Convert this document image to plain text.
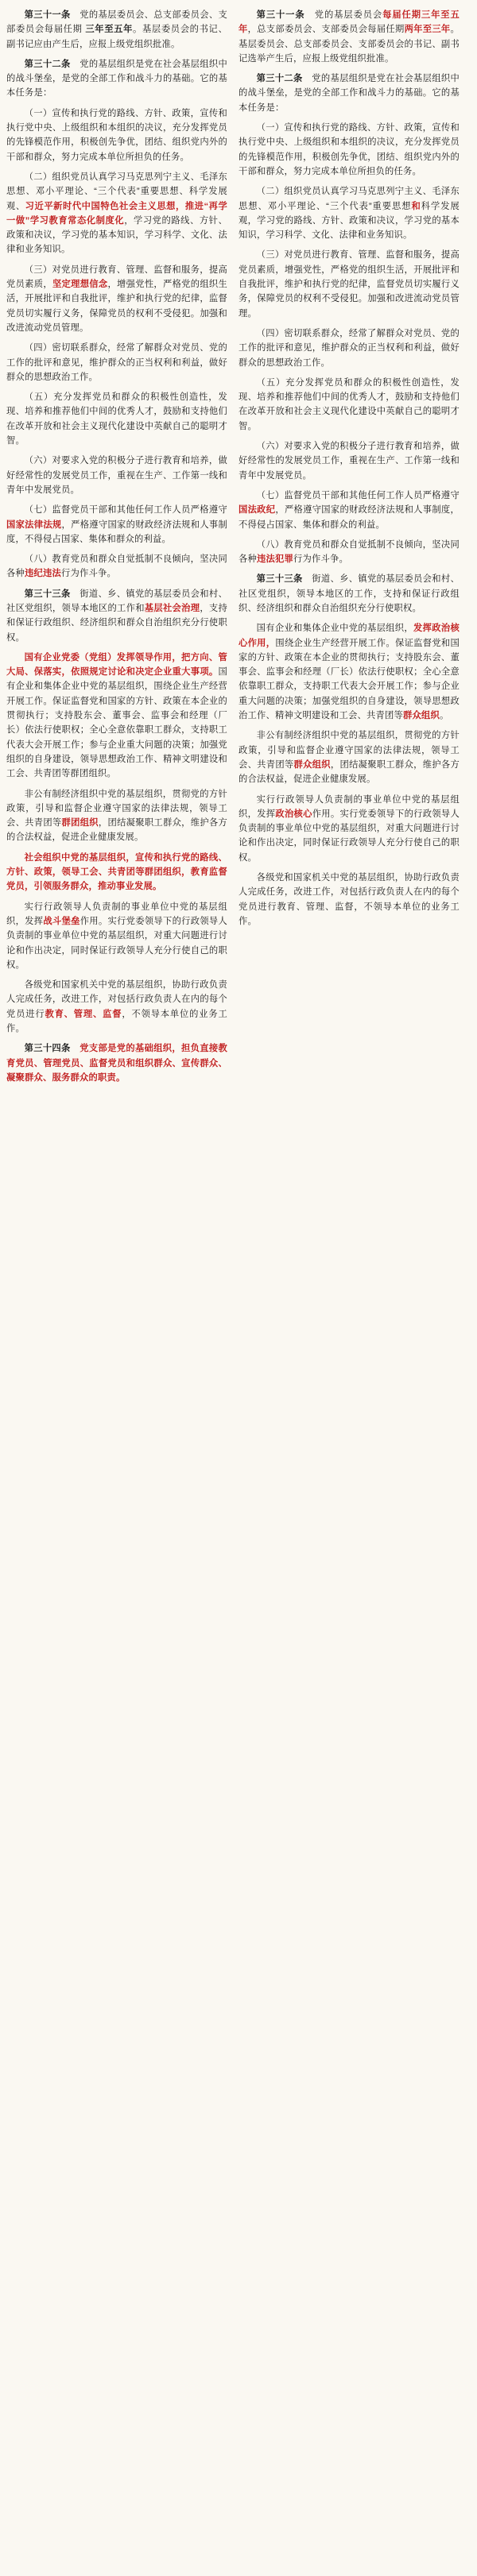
第三十一条　党的基层委员会、总支部委员会、支部委员会每届任期 三年至五年。基层委员会的书记、副书记应由产生后，应报上级党组织批准。

第三十二条　党的基层组织是党在社会基层组织中的战斗堡垒，是党的全部工作和战斗力的基础。它的基本任务是：

（一）宣传和执行党的路线、方针、政策，宣传和执行党中央、上级组织和本组织的决议，充分发挥党员的先锋模范作用，积极创先争优，团结、组织党内外的干部和群众，努力完成本单位所担负的任务。

（二）组织党员认真学习马克思列宁主义、毛泽东思想、邓小平理论、“三个代表”重要思想、科学发展观、习近平新时代中国特色社会主义思想，推进“再学一做”学习教育常态化制度化，学习党的路线、方针、政策和决议，学习党的基本知识，学习科学、文化、法律和业务知识。

（三）对党员进行教育、管理、监督和服务，提高党员素质，坚定理想信念，增强党性，严格党的组织生活，开展批评和自我批评，维护和执行党的纪律，监督党员切实履行义务，保障党员的权利不受侵犯。加强和改进流动党员管理。

（四）密切联系群众，经常了解群众对党员、党的工作的批评和意见，维护群众的正当权利和利益，做好群众的思想政治工作。

（五）充分发挥党员和群众的积极性创造性，发现、培养和推荐他们中间的优秀人才，鼓励和支持他们在改革开放和社会主义现代化建设中英献自己的聪明才智。

（六）对要求入党的积极分子进行教育和培养，做好经常性的发展党员工作，重视在生产、工作第一线和青年中发展党员。

（七）监督党员干部和其他任何工作人员严格遵守国家法律法规，严格遵守国家的财政经济法规和人事制度，不得侵占国家、集体和群众的利益。

（八）教育党员和群众自觉抵制不良倾向，坚决同各种违纪违法行为作斗争。

第三十三条　街道、乡、镇党的基层委员会和村、社区党组织，领导本地区的工作和基层社会治理，支持和保证行政组织、经济组织和群众自治组织充分行使职权。

国有企业党委（党组）发挥领导作用，把方向、管大局、保落实，依照规定讨论和决定企业重大事项。国有企业和集体企业中党的基层组织，围绕企业生产经营开展工作。保证监督党和国家的方针、政策在本企业的贯彻执行；支持股东会、董事会、监事会和经理（厂长）依法行使职权；全心全意依靠职工群众，支持职工代表大会开展工作；参与企业重大问题的决策；加强党组织的自身建设，领导思想政治工作、精神文明建设和工会、共青团等群团组织。

非公有制经济组织中党的基层组织，贯彻党的方针政策，引导和监督企业遵守国家的法律法规，领导工会、共青团等群团组织，团结凝聚职工群众，维护各方的合法权益，促进企业健康发展。

社会组织中党的基层组织，宣传和执行党的路线、方针、政策，领导工会、共青团等群团组织，教育监督党员，引领服务群众，推动事业发展。

实行行政领导人负责制的事业单位中党的基层组织，发挥战斗堡垒作用。实行党委领导下的行政领导人负责制的事业单位中党的基层组织，对重大问题进行讨论和作出决定，同时保证行政领导人充分行使自己的职权。

各级党和国家机关中党的基层组织，协助行政负责人完成任务，改进工作，对包括行政负责人在内的每个党员进行教育、管理、监督，不领导本单位的业务工作。

第三十四条　党支部是党的基础组织，担负直接教育党员、管理党员、监督党员和组织群众、宣传群众、凝聚群众、服务群众的职责。

第三十一条　党的基层委员会每届任期三年至五年，总支部委员会、支部委员会每届任期两年至三年。基层委员会、总支部委员会、支部委员会的书记、副书记选举产生后，应报上级党组织批准。

第三十二条　党的基层组织是党在社会基层组织中的战斗堡垒，是党的全部工作和战斗力的基础。它的基本任务是：

（一）宣传和执行党的路线、方针、政策，宣传和执行党中央、上级组织和本组织的决议，充分发挥党员的先锋模范作用，积极创先争优，团结、组织党内外的干部和群众，努力完成本单位所担负的任务。

（二）组织党员认真学习马克思列宁主义、毛泽东思想、邓小平理论、“三个代表”重要思想和科学发展观，学习党的路线、方针、政策和决议，学习党的基本知识，学习科学、文化、法律和业务知识。

（三）对党员进行教育、管理、监督和服务，提高党员素质，增强党性，严格党的组织生活，开展批评和自我批评，维护和执行党的纪律，监督党员切实履行义务，保障党员的权利不受侵犯。加强和改进流动党员管理。

（四）密切联系群众，经常了解群众对党员、党的工作的批评和意见，维护群众的正当权利和利益，做好群众的思想政治工作。

（五）充分发挥党员和群众的积极性创造性，发现、培养和推荐他们中间的优秀人才，鼓励和支持他们在改革开放和社会主义现代化建设中英献自己的聪明才智。

（六）对要求入党的积极分子进行教育和培养，做好经常性的发展党员工作，重视在生产、工作第一线和青年中发展党员。

（七）监督党员干部和其他任何工作人员严格遵守国法政纪，严格遵守国家的财政经济法规和人事制度，不得侵占国家、集体和群众的利益。

（八）教育党员和群众自觉抵制不良倾向，坚决同各种违法犯罪行为作斗争。

第三十三条　街道、乡、镇党的基层委员会和村、社区党组织，领导本地区的工作，支持和保证行政组织、经济组织和群众自治组织充分行使职权。

国有企业和集体企业中党的基层组织，发挥政治核心作用，围绕企业生产经营开展工作。保证监督党和国家的方针、政策在本企业的贯彻执行；支持股东会、董事会、监事会和经理（厂长）依法行使职权；全心全意依靠职工群众，支持职工代表大会开展工作；参与企业重大问题的决策；加强党组织的自身建设，领导思想政治工作、精神文明建设和工会、共青团等群众组织。

非公有制经济组织中党的基层组织，贯彻党的方针政策，引导和监督企业遵守国家的法律法规，领导工会、共青团等群众组织，团结凝聚职工群众，维护各方的合法权益，促进企业健康发展。

实行行政领导人负责制的事业单位中党的基层组织，发挥政治核心作用。实行党委领导下的行政领导人负责制的事业单位中党的基层组织，对重大问题进行讨论和作出决定，同时保证行政领导人充分行使自己的职权。

各级党和国家机关中党的基层组织，协助行政负责人完成任务，改进工作，对包括行政负责人在内的每个党员进行教育、管理、监督，不领导本单位的业务工作。
